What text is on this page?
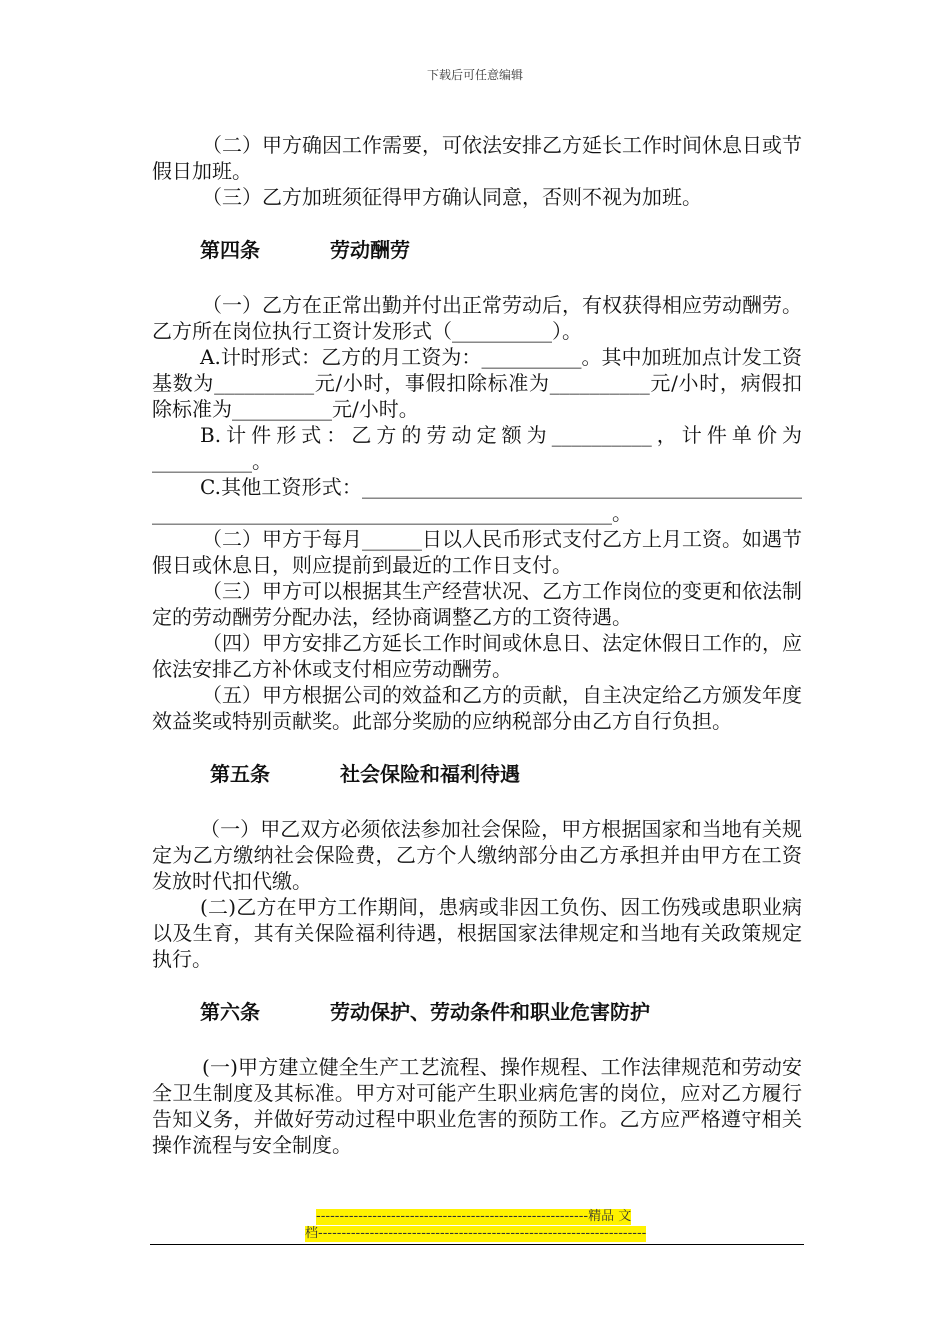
下载后可任意编辑

（二）甲方确因工作需要，可依法安排乙方延长工作时间休息日或节假日加班。

（三）乙方加班须征得甲方确认同意，否则不视为加班。

第四条	劳动酬劳

（一）乙方在正常出勤并付出正常劳动后，有权获得相应劳动酬劳。乙方所在岗位执行工资计发形式（__________）。

A.计时形式：乙方的月工资为：__________。其中加班加点计发工资基数为__________元/小时，事假扣除标准为__________元/小时，病假扣除标准为__________元/小时。

B.计件形式：乙方的劳动定额为__________，计件单价为__________。

C.其他工资形式：__________________________________________________________________________________________。

（二）甲方于每月______日以人民币形式支付乙方上月工资。如遇节假日或休息日，则应提前到最近的工作日支付。

（三）甲方可以根据其生产经营状况、乙方工作岗位的变更和依法制定的劳动酬劳分配办法，经协商调整乙方的工资待遇。

（四）甲方安排乙方延长工作时间或休息日、法定休假日工作的，应依法安排乙方补休或支付相应劳动酬劳。

（五）甲方根据公司的效益和乙方的贡献，自主决定给乙方颁发年度效益奖或特别贡献奖。此部分奖励的应纳税部分由乙方自行负担。

第五条	社会保险和福利待遇

（一）甲乙双方必须依法参加社会保险，甲方根据国家和当地有关规定为乙方缴纳社会保险费，乙方个人缴纳部分由乙方承担并由甲方在工资发放时代扣代缴。

(二)乙方在甲方工作期间，患病或非因工负伤、因工伤残或患职业病以及生育，其有关保险福利待遇，根据国家法律规定和当地有关政策规定执行。

第六条	劳动保护、劳动条件和职业危害防护

(一)甲方建立健全生产工艺流程、操作规程、工作法律规范和劳动安全卫生制度及其标准。甲方对可能产生职业病危害的岗位，应对乙方履行告知义务，并做好劳动过程中职业危害的预防工作。乙方应严格遵守相关操作流程与安全制度。

----------------------------------------------------------精品 文
档----------------------------------------------------------------------
